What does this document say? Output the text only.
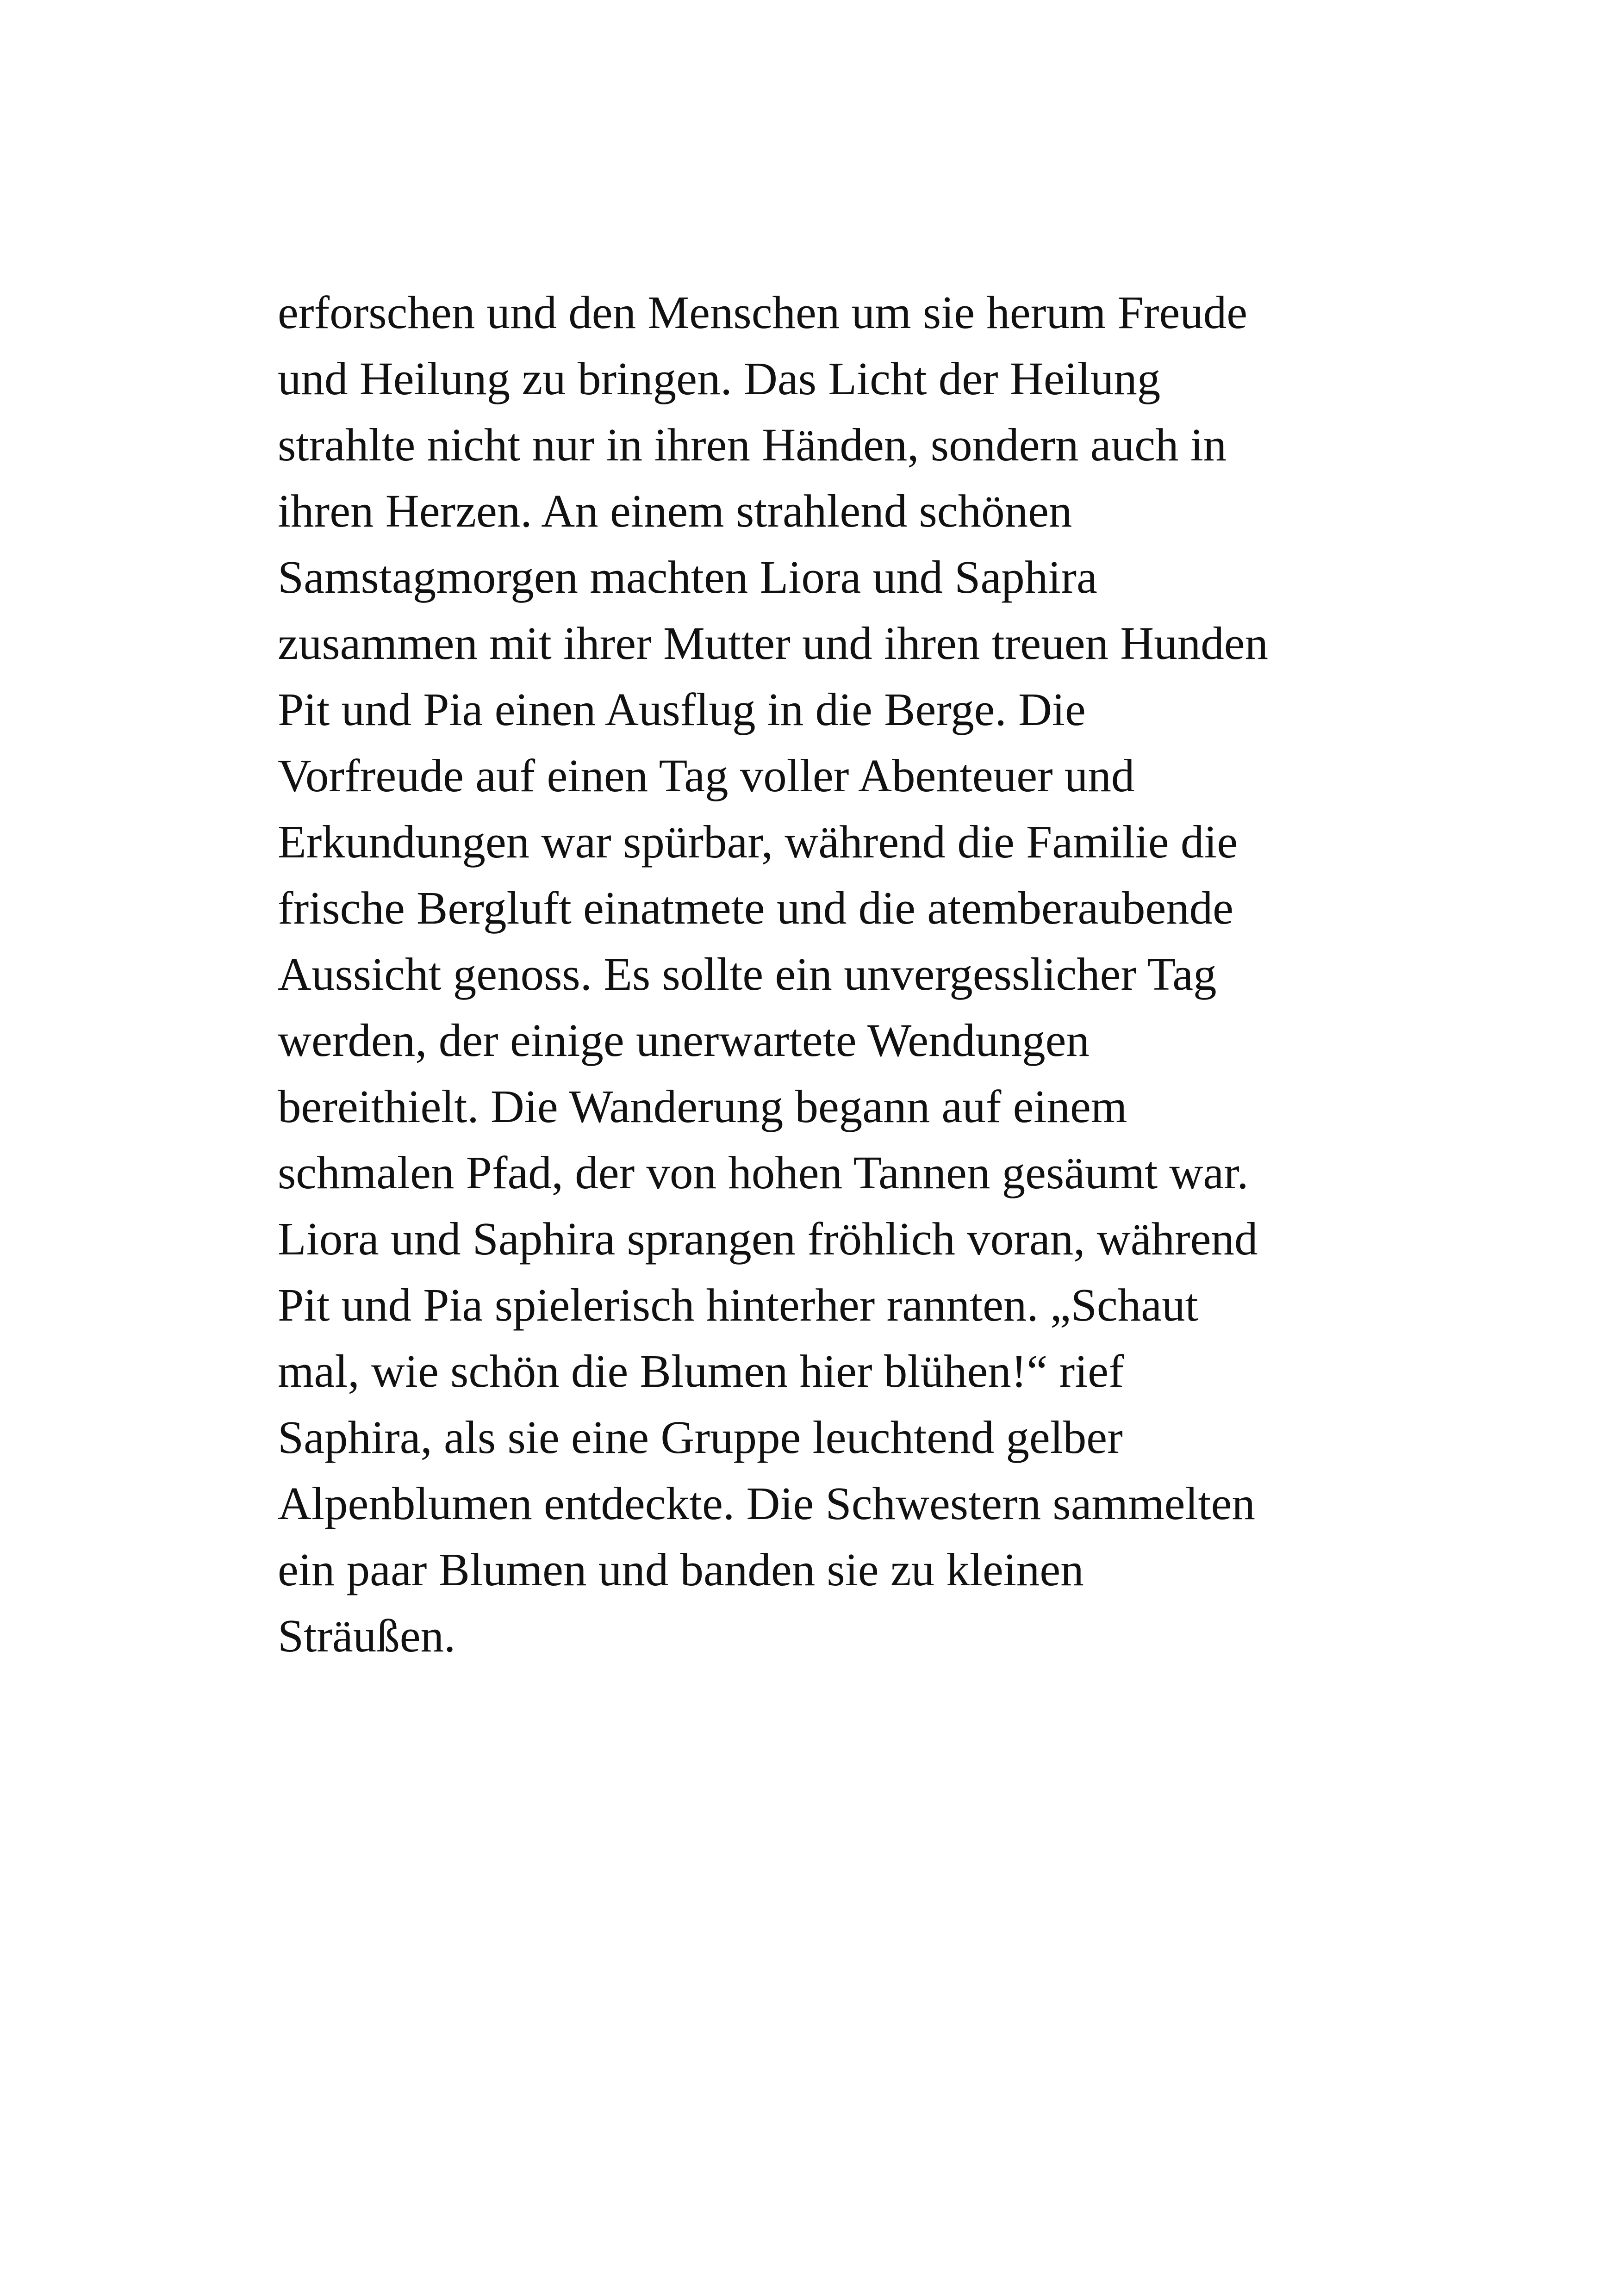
erforschen und den Menschen um sie herum Freude
und Heilung zu bringen. Das Licht der Heilung
strahlte nicht nur in ihren Händen, sondern auch in
ihren Herzen. An einem strahlend schönen
Samstagmorgen machten Liora und Saphira
zusammen mit ihrer Mutter und ihren treuen Hunden
Pit und Pia einen Ausflug in die Berge. Die
Vorfreude auf einen Tag voller Abenteuer und
Erkundungen war spürbar, während die Familie die
frische Bergluft einatmete und die atemberaubende
Aussicht genoss. Es sollte ein unvergesslicher Tag
werden, der einige unerwartete Wendungen
bereithielt. Die Wanderung begann auf einem
schmalen Pfad, der von hohen Tannen gesäumt war.
Liora und Saphira sprangen fröhlich voran, während
Pit und Pia spielerisch hinterher rannten. „Schaut
mal, wie schön die Blumen hier blühen!“ rief
Saphira, als sie eine Gruppe leuchtend gelber
Alpenblumen entdeckte. Die Schwestern sammelten
ein paar Blumen und banden sie zu kleinen
Sträußen.
